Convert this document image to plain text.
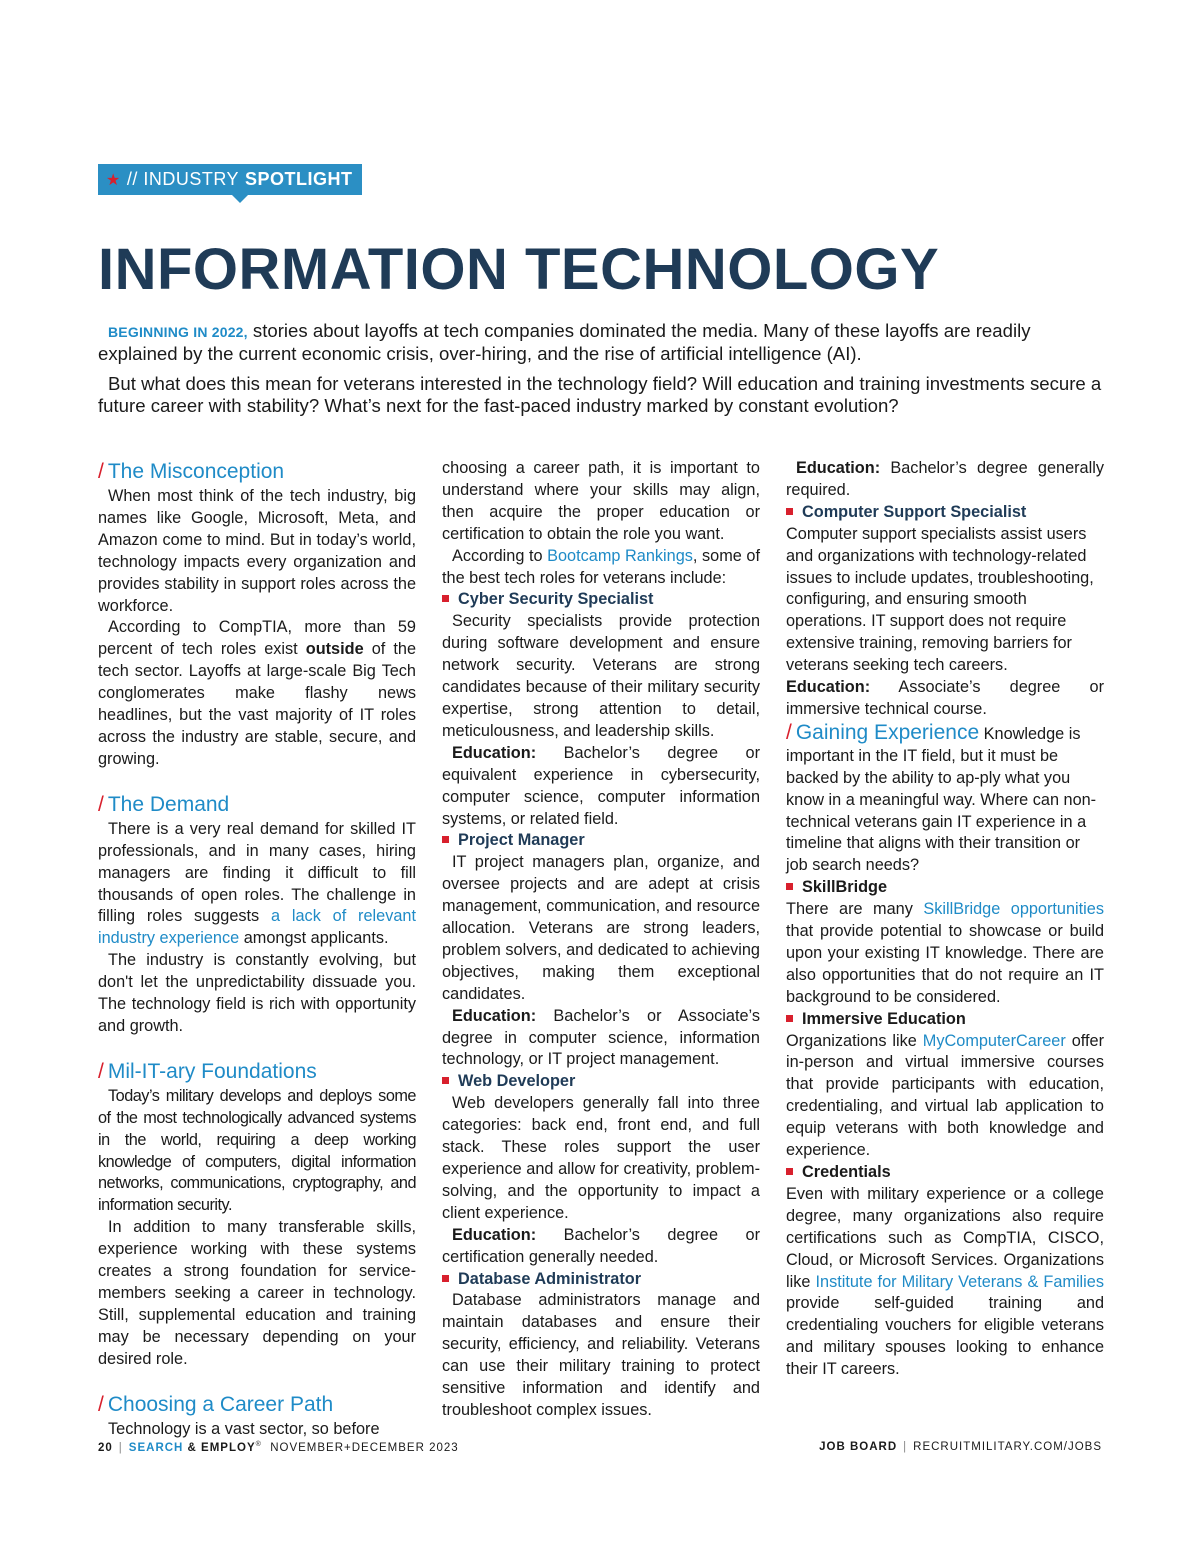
★ // INDUSTRY SPOTLIGHT
INFORMATION TECHNOLOGY

BEGINNING IN 2022, stories about layoffs at tech companies dominated the media. Many of these layoffs are readily explained by the current economic crisis, over-hiring, and the rise of artificial intelligence (AI).

But what does this mean for veterans interested in the technology field? Will education and training investments secure a future career with stability? What’s next for the fast-paced industry marked by constant evolution?

/ The Misconception

When most think of the tech industry, big names like Google, Microsoft, Meta, and Amazon come to mind. But in today’s world, technology impacts every organization and provides stability in support roles across the workforce.

According to CompTIA, more than 59 percent of tech roles exist outside of the tech sector. Layoffs at large-scale Big Tech conglomerates make flashy news headlines, but the vast majority of IT roles across the industry are stable, secure, and growing.

/ The Demand

There is a very real demand for skilled IT professionals, and in many cases, hiring managers are finding it difficult to fill thousands of open roles. The challenge in filling roles suggests a lack of relevant industry experience amongst applicants.

The industry is constantly evolving, but don't let the unpredictability dissuade you. The technology field is rich with opportunity and growth.

/ Mil-IT-ary Foundations

Today’s military develops and deploys some of the most technologically advanced systems in the world, requiring a deep working knowledge of computers, digital information networks, communications, cryptography, and information security.

In addition to many transferable skills, experience working with these systems creates a strong foundation for service-members seeking a career in technology. Still, supplemental education and training may be necessary depending on your desired role.

/ Choosing a Career Path

Technology is a vast sector, so before

choosing a career path, it is important to understand where your skills may align, then acquire the proper education or certification to obtain the role you want.

According to Bootcamp Rankings, some of the best tech roles for veterans include:

Cyber Security Specialist

Security specialists provide protection during software development and ensure network security. Veterans are strong candidates because of their military security expertise, strong attention to detail, meticulousness, and leadership skills.

Education: Bachelor’s degree or equivalent experience in cybersecurity, computer science, computer information systems, or related field.

Project Manager

IT project managers plan, organize, and oversee projects and are adept at crisis management, communication, and resource allocation. Veterans are strong leaders, problem solvers, and dedicated to achieving objectives, making them exceptional candidates.

Education: Bachelor’s or Associate’s degree in computer science, information technology, or IT project management.

Web Developer

Web developers generally fall into three categories: back end, front end, and full stack. These roles support the user experience and allow for creativity, problem-solving, and the opportunity to impact a client experience.

Education: Bachelor’s degree or certification generally needed.

Database Administrator

Database administrators manage and maintain databases and ensure their security, efficiency, and reliability. Veterans can use their military training to protect sensitive information and identify and troubleshoot complex issues.

Education: Bachelor’s degree generally required.

Computer Support Specialist

Computer support specialists assist users and organizations with technology-related issues to include updates, troubleshooting, configuring, and ensuring smooth operations. IT support does not require extensive training, removing barriers for veterans seeking tech careers.

Education: Associate’s degree or immersive technical course.

/ Gaining Experience Knowledge is important in the IT field, but it must be backed by the ability to ap-ply what you know in a meaningful way. Where can non-technical veterans gain IT experience in a timeline that aligns with their transition or job search needs?

SkillBridge

There are many SkillBridge opportunities that provide potential to showcase or build upon your existing IT knowledge. There are also opportunities that do not require an IT background to be considered.

Immersive Education

Organizations like MyComputerCareer offer in-person and virtual immersive courses that provide participants with education, credentialing, and virtual lab application to equip veterans with both knowledge and experience.

Credentials

Even with military experience or a college degree, many organizations also require certifications such as CompTIA, CISCO, Cloud, or Microsoft Services. Organizations like Institute for Military Veterans & Families provide self-guided training and credentialing vouchers for eligible veterans and military spouses looking to enhance their IT careers.

20 | SEARCH & EMPLOY® NOVEMBER+DECEMBER 2023	JOB BOARD | RECRUITMILITARY.COM/JOBS
